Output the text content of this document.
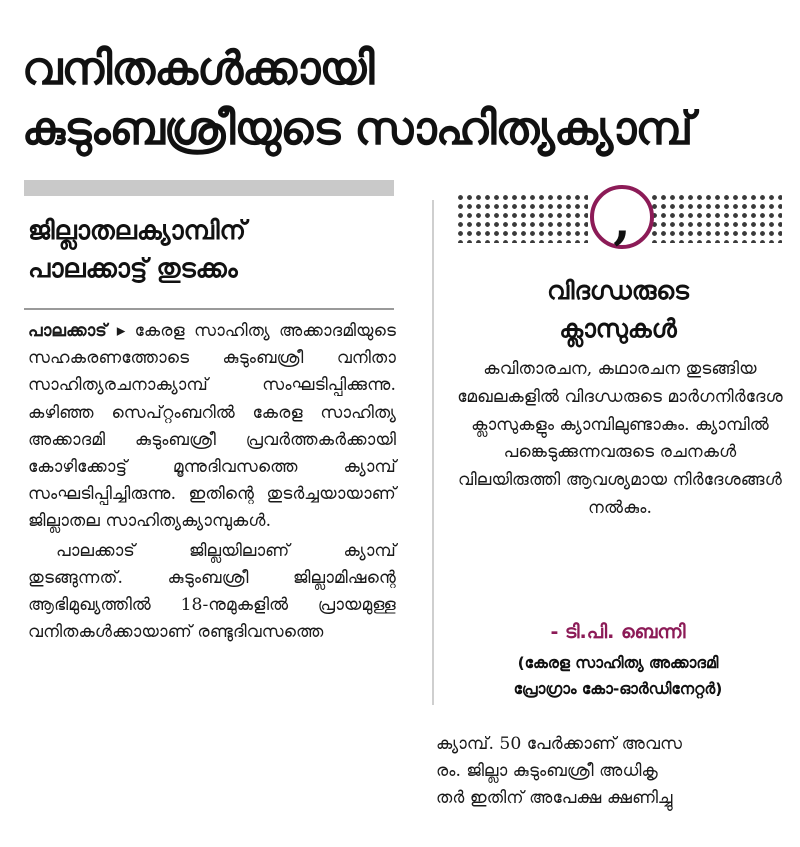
വനിതകൾക്കായി
കുടുംബശ്രീയുടെ സാഹിത്യക്യാമ്പ്
ജില്ലാതലക്യാമ്പിന്
പാലക്കാട്ട് തുടക്കം

പാലക്കാട് ▸ കേരള സാഹിത്യ അക്കാദമിയുടെ സഹകരണത്തോടെ കുടുംബശ്രീ വനിതാ സാഹിത്യരചനാക്യാമ്പ് സംഘടിപ്പിക്കുന്നു. കഴിഞ്ഞ സെപ്റ്റംബറിൽ കേരള സാഹിത്യ അക്കാദമി കുടുംബശ്രീ പ്രവർത്തകർക്കായി കോഴിക്കോട്ട് മൂന്നുദിവസത്തെ ക്യാമ്പ് സംഘടിപ്പിച്ചിരുന്നു. ഇതിന്റെ തുടർച്ചയായാണ് ജില്ലാതല സാഹിത്യക്യാമ്പുകൾ.

പാലക്കാട് ജില്ലയിലാണ് ക്യാമ്പ് തുടങ്ങുന്നത്. കുടുംബശ്രീ ജില്ലാമിഷന്റെ ആഭിമുഖ്യത്തിൽ 18-നുമുകളിൽ പ്രായമുള്ള വനിതകൾക്കായാണ് രണ്ടുദിവസത്തെ

,
വിദഗ്ധരുടെ
ക്ലാസുകൾ
കവിതാരചന, കഥാരചന തുടങ്ങിയ മേഖലകളിൽ വിദഗ്ധരുടെ മാർഗനിർദേശ ക്ലാസുകളും ക്യാമ്പിലുണ്ടാകും. ക്യാമ്പിൽ പങ്കെടുക്കുന്നവരുടെ രചനകൾ വിലയിരുത്തി ആവശ്യമായ നിർദേശങ്ങൾ നൽകും.
- ടി.പി. ബെന്നി
(കേരള സാഹിത്യ അക്കാദമി
പ്രോഗ്രാം കോ-ഓർഡിനേറ്റർ)
ക്യാമ്പ്. 50 പേർക്കാണ് അവസ
രം. ജില്ലാ കുടുംബശ്രീ അധികൃ
തർ ഇതിന് അപേക്ഷ ക്ഷണിച്ചു
